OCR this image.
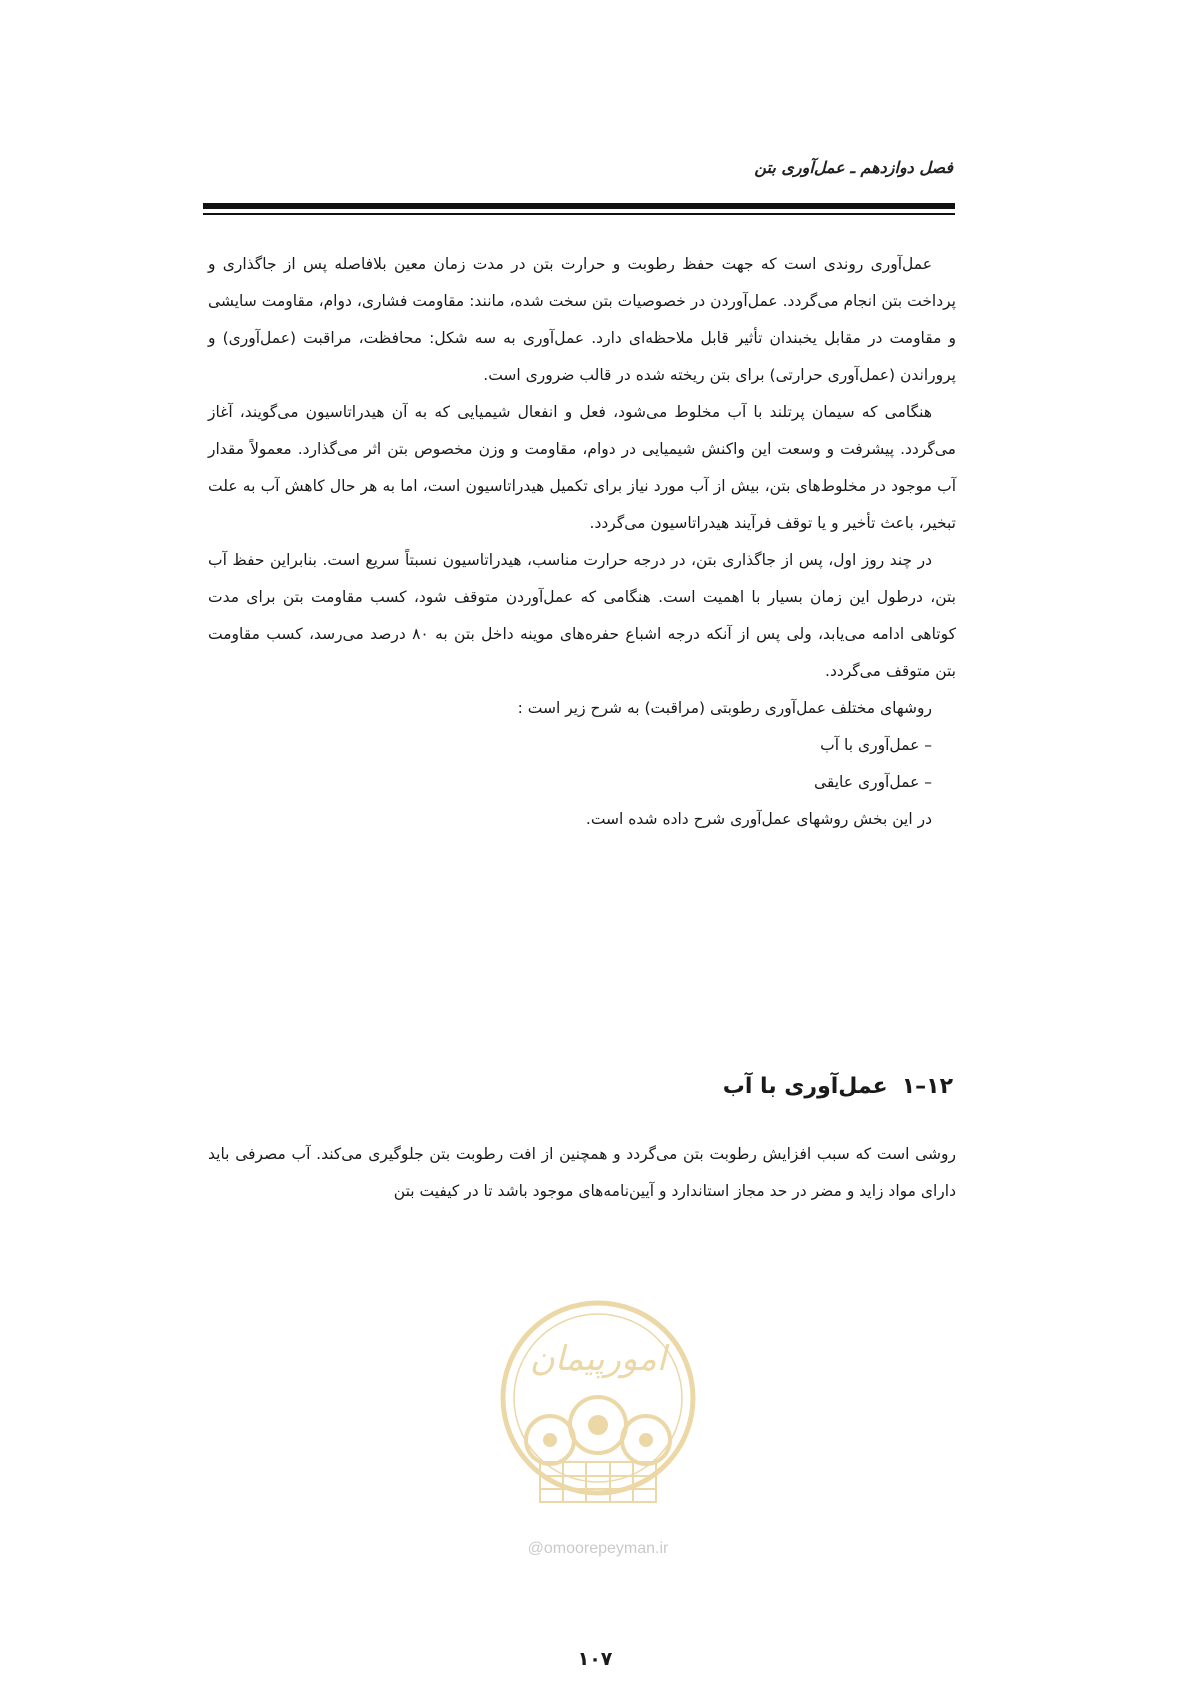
فصل دوازدهم ـ عمل‌آوری بتن

عمل‌آوری روندی است که جهت حفظ رطوبت و حرارت بتن در مدت زمان معین بلافاصله پس از جاگذاری و پرداخت بتن انجام می‌گردد. عمل‌آوردن در خصوصیات بتن سخت شده، مانند: مقاومت فشاری، دوام، مقاومت سایشی و مقاومت در مقابل یخبندان تأثیر قابل ملاحظه‌ای دارد. عمل‌آوری به سه شکل: محافظت، مراقبت (عمل‌آوری) و پروراندن (عمل‌آوری حرارتی) برای بتن ریخته شده در قالب ضروری است.

هنگامی که سیمان پرتلند با آب مخلوط می‌شود، فعل و انفعال شیمیایی که به آن هیدراتاسیون می‌گویند، آغاز می‌گردد. پیشرفت و وسعت این واکنش شیمیایی در دوام، مقاومت و وزن مخصوص بتن اثر می‌گذارد. معمولاً مقدار آب موجود در مخلوط‌های بتن، بیش از آب مورد نیاز برای تکمیل هیدراتاسیون است، اما به هر حال کاهش آب به علت تبخیر، باعث تأخیر و یا توقف فرآیند هیدراتاسیون می‌گردد.

در چند روز اول، پس از جاگذاری بتن، در درجه حرارت مناسب، هیدراتاسیون نسبتاً سریع است. بنابراین حفظ آب بتن، درطول این زمان بسیار با اهمیت است. هنگامی که عمل‌آوردن متوقف شود، کسب مقاومت بتن برای مدت کوتاهی ادامه می‌یابد، ولی پس از آنکه درجه اشباع حفره‌های موینه داخل بتن به ۸۰ درصد می‌رسد، کسب مقاومت بتن متوقف می‌گردد.

روشهای مختلف عمل‌آوری رطوبتی (مراقبت) به شرح زیر است :
– عمل‌آوری با آب
– عمل‌آوری عایقی
در این بخش روشهای عمل‌آوری شرح داده شده است.
۱۲–۱عمل‌آوری با آب

روشی است که سبب افزایش رطوبت بتن می‌گردد و همچنین از افت رطوبت بتن جلوگیری می‌کند. آب مصرفی باید دارای مواد زاید و مضر در حد مجاز استاندارد و آیین‌نامه‌های موجود باشد تا در کیفیت بتن

امورپیمان
@omoorepeyman.ir
۱۰۷
